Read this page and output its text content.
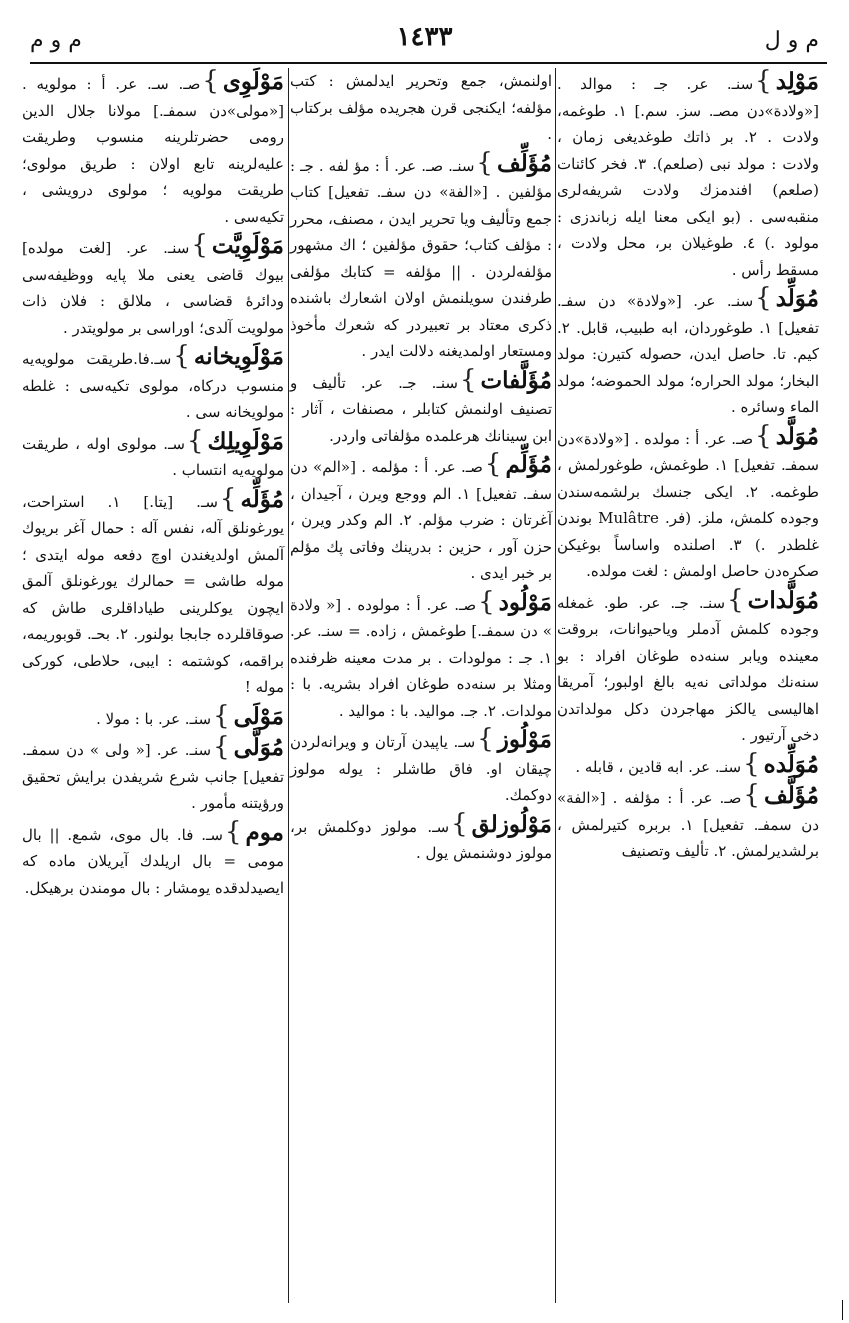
م و ل
١٤٣٣
م و م
مَوْلِد}سنـ. عر. جـ : موالد . [«ولادة»دن مصـ. سز. سم.] ١. طوغمه، ولادت . ٢. بر ذاتك طوغديغى زمان ، ولادت : مولد نبى (صلعم). ٣. فخر كائنات (صلعم) افندمزك ولادت شريفه‌لرى منقبه‌سى . (بو ايكى معنا ايله زباندزى : مولود .) ٤. طوغيلان بر، محل ولادت ، مسقط رأس .
مُوَلِّد}سنـ. عر. [«ولادة» دن سفـ. تفعيل] ١. طوغوردان، ابه طبيب، قابل. ٢. كيم. تا. حاصل ايدن، حصوله كتيرن: مولد البخار؛ مولد الحراره؛ مولد الحموضه؛ مولد الماء وسائره .
مُوَلَّد}صـ. عر. أ : مولده . [«ولادة»دن سمفـ. تفعيل] ١. طوغمش، طوغورلمش ، طوغمه. ٢. ايكى جنسك برلشمه‌سندن وجوده كلمش، ملز. (فر. Mulâtre بوندن غلطدر .) ٣. اصلنده واساساً بوغيكن صكره‌دن حاصل اولمش : لغت مولده.
مُوَلَّدات}سنـ. جـ. عر. طو. غمغله وجوده كلمش آدملر وياحيوانات، بروقت معينده ويابر سنه‌ده طوغان افراد : بو سنه‌نك مولداتى نه‌يه بالغ اولبور؛ آمريقا اهاليسى يالكز مهاجردن دكل مولداتدن دخى آرتيور .
مُوَلِّده}سنـ. عر. ابه قادين ، قابله .
مُؤَلَّف}صـ. عر. أ : مؤلفه . [«الفة» دن سمفـ. تفعيل] ١. بربره كتيرلمش ، برلشديرلمش. ٢. تأليف وتصنيف
اولنمش، جمع وتحرير ايدلمش : كتب مؤلفه؛ ايكنجى قرن هجريده مؤلف بركتاب .
مُؤَلِّف}سنـ. صـ. عر. أ : مؤ لفه . جـ : مؤلفين . [«الفة» دن سفـ. تفعيل] كتاب جمع وتأليف ويا تحرير ايدن ، مصنف، محرر : مؤلف كتاب؛ حقوق مؤلفين ؛ اك مشهور مؤلفه‌لردن . || مؤلفه = كتابك مؤلفى طرفندن سويلنمش اولان اشعارك باشنده ذكرى معتاد بر تعبيردر كه شعرك مأخوذ ومستعار اولمديغنه دلالت ايدر .
مُؤَلَّفات}سنـ. جـ. عر. تأليف و تصنيف اولنمش كتابلر ، مصنفات ، آثار : ابن سينانك هرعلمده مؤلفاتى واردر.
مُؤَلِّم}صـ. عر. أ : مؤلمه . [«الم» دن سفـ. تفعيل] ١. الم ووجع ويرن ، آجيدان ، آغرتان : ضرب مؤلم. ٢. الم وكدر ويرن ، حزن آور ، حزين : بدرينك وفاتى پك مؤلم بر خبر ايدى .
مَوْلُود}صـ. عر. أ : مولوده . [« ولادة » دن سمفـ.] طوغمش ، زاده. = سنـ. عر. ١. جـ : مولودات . بر مدت معينه ظرفنده ومثلا بر سنه‌ده طوغان افراد بشريه. با : مولدات. ٢. جـ. مواليد. با : مواليد .
مَوْلُوز}سـ. ياپيدن آرتان و ويرانه‌لردن چيقان او. فاق طاشلر : يوله مولوز دوكمك.
مَوْلُوزلق}سـ. مولوز دوكلمش بر، مولوز دوشنمش يول .
مَوْلَوِى}صـ. سـ. عر. أ : مولويه . [«مولى»دن سمفـ.] مولانا جلال الدين رومى حضرتلرينه منسوب وطريقت عليه‌لرينه تابع اولان : طريق مولوى؛ طريقت مولويه ؛ مولوى درويشى ، تكيه‌سى .
مَوْلَوِيَّت}سنـ. عر. [لغت مولده] بيوك قاضى يعنى ملا پايه ووظيفه‌سى ودائرهٔ قضاسى ، ملالق : فلان ذات مولويت آلدى؛ اوراسى بر مولويتدر .
مَوْلَوِيخانه}سـ.فا.طريقت مولويه‌يه منسوب دركاه، مولوى تكيه‌سى : غلطه مولويخانه سى .
مَوْلَوِيلِك}سـ. مولوى اوله ، طريقت مولويه‌يه انتساب .
مُؤَلِّه}سـ. [يتا.] ١. استراحت، يورغونلق آله، نفس آله : حمال آغر بريوك آلمش اولديغندن اوچ دفعه موله ايتدى ؛ موله طاشى = حمالرك يورغونلق آلمق ايچون يوكلرينى طياداقلرى طاش كه صوقاقلرده جابجا بولنور. ٢. بحـ. قوبوريمه، براقمه، كوشتمه : ايبى، حلاطى، كوركى موله !
مَوْلَى}سنـ. عر. با : مولا .
مُوَلَّى}سنـ. عر. [« ولى » دن سمفـ. تفعيل] جانب شرع شريفدن برايش تحقيق ورؤيتنه مأمور .
موم}سـ. فا. بال موى، شمع. || بال مومى = بال اريلدك آيريلان ماده كه ايصيدلدقده يومشار : بال مومندن برهيكل.
